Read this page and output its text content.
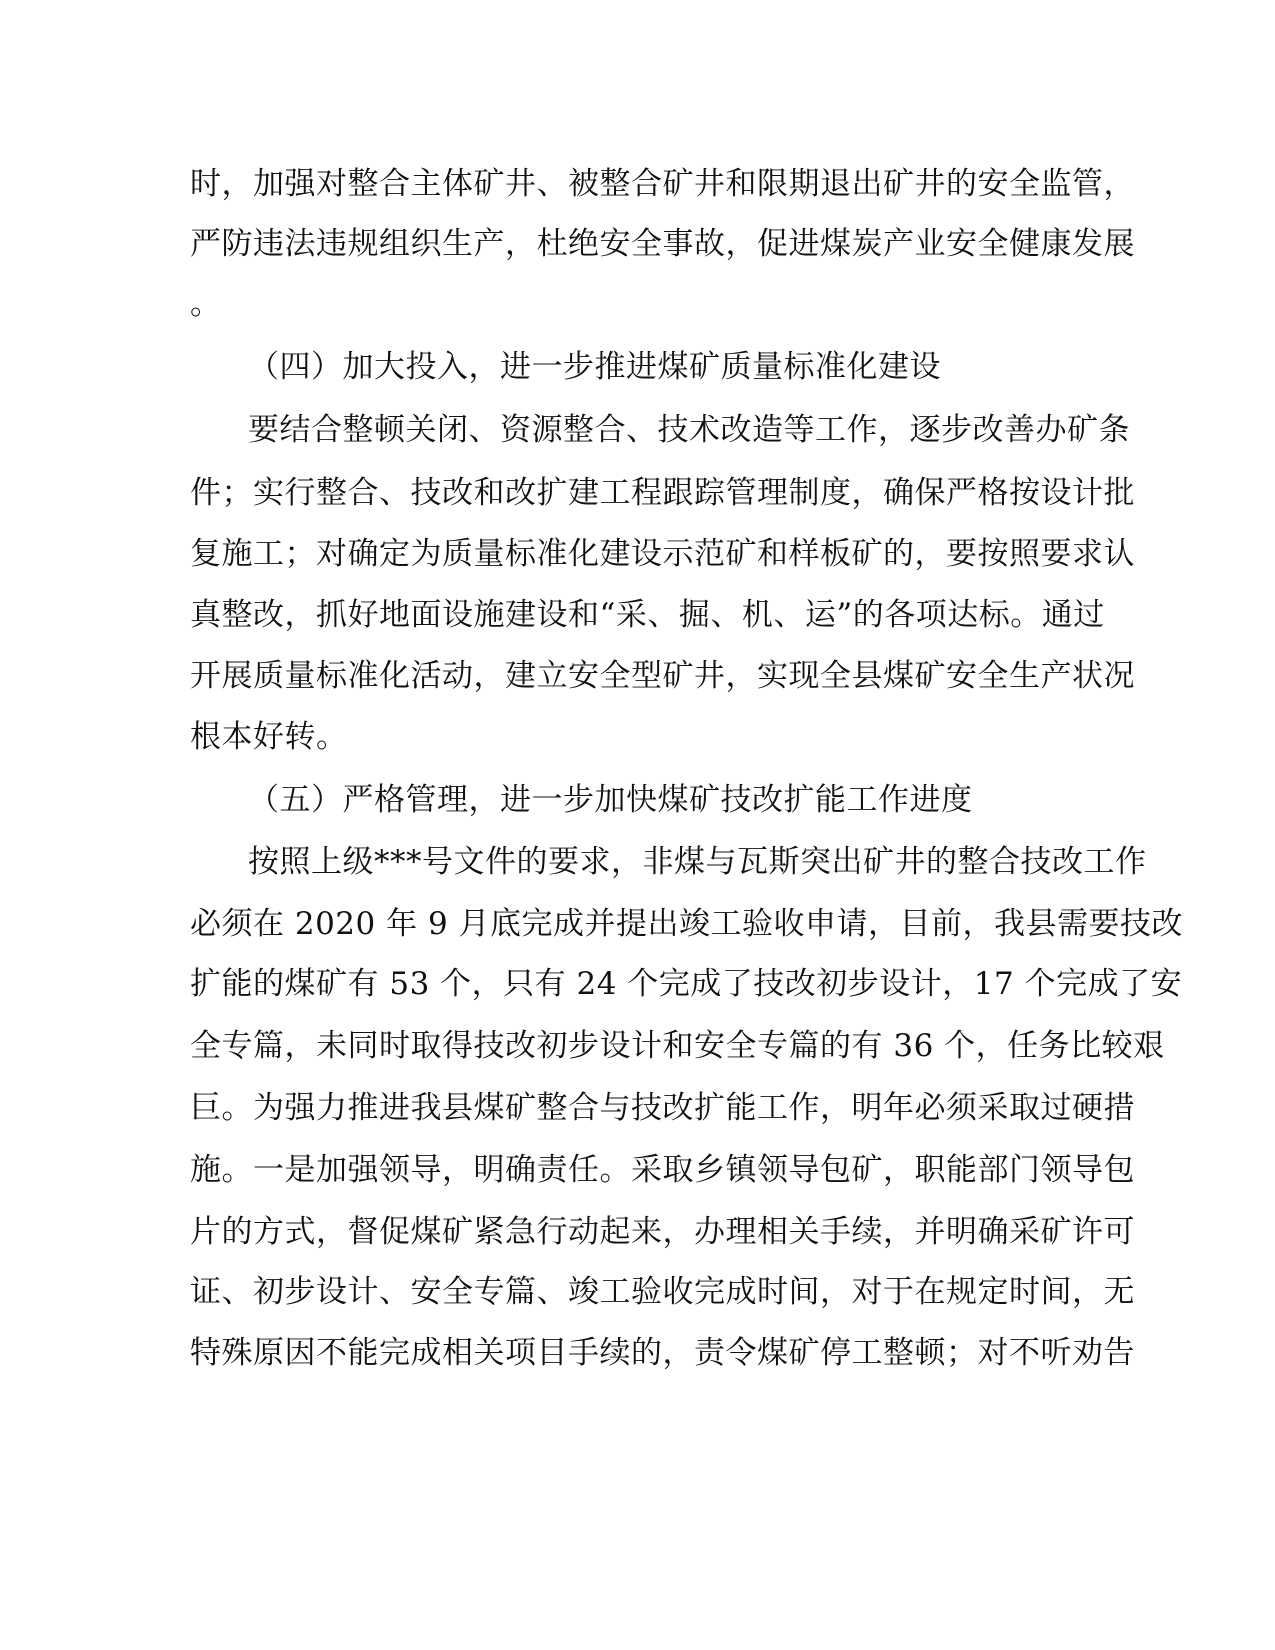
时，加强对整合主体矿井、被整合矿井和限期退出矿井的安全监管，
严防违法违规组织生产，杜绝安全事故，促进煤炭产业安全健康发展
。
（四）加大投入，进一步推进煤矿质量标准化建设
要结合整顿关闭、资源整合、技术改造等工作，逐步改善办矿条
件；实行整合、技改和改扩建工程跟踪管理制度，确保严格按设计批
复施工；对确定为质量标准化建设示范矿和样板矿的，要按照要求认
真整改，抓好地面设施建设和“采、掘、机、运”的各项达标。通过
开展质量标准化活动，建立安全型矿井，实现全县煤矿安全生产状况
根本好转。
（五）严格管理，进一步加快煤矿技改扩能工作进度
按照上级***号文件的要求，非煤与瓦斯突出矿井的整合技改工作
必须在 2020 年 9 月底完成并提出竣工验收申请，目前，我县需要技改
扩能的煤矿有 53 个，只有 24 个完成了技改初步设计，17 个完成了安
全专篇，未同时取得技改初步设计和安全专篇的有 36 个，任务比较艰
巨。为强力推进我县煤矿整合与技改扩能工作，明年必须采取过硬措
施。一是加强领导，明确责任。采取乡镇领导包矿，职能部门领导包
片的方式，督促煤矿紧急行动起来，办理相关手续，并明确采矿许可
证、初步设计、安全专篇、竣工验收完成时间，对于在规定时间，无
特殊原因不能完成相关项目手续的，责令煤矿停工整顿；对不听劝告
